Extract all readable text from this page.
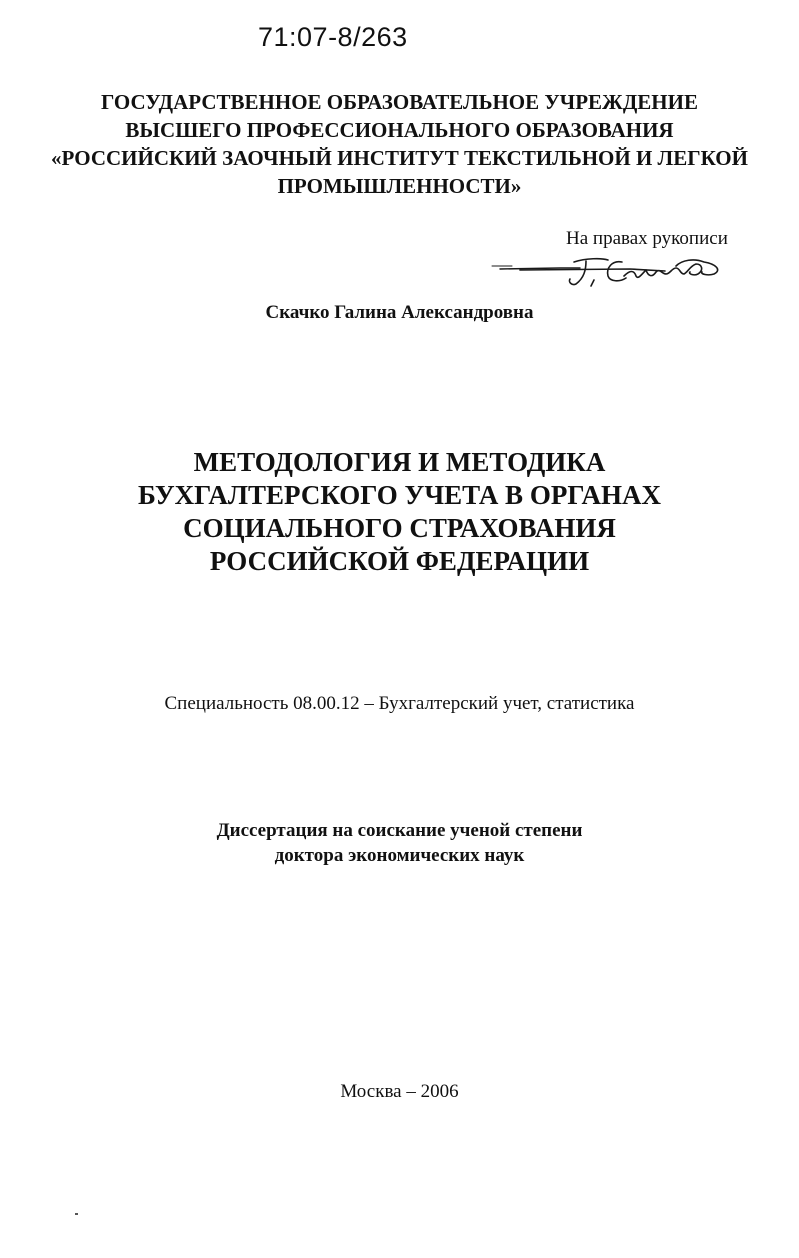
71:07-8/263
ГОСУДАРСТВЕННОЕ ОБРАЗОВАТЕЛЬНОЕ УЧРЕЖДЕНИЕ
ВЫСШЕГО ПРОФЕССИОНАЛЬНОГО ОБРАЗОВАНИЯ
«РОССИЙСКИЙ ЗАОЧНЫЙ ИНСТИТУТ ТЕКСТИЛЬНОЙ И ЛЕГКОЙ
ПРОМЫШЛЕННОСТИ»
На правах рукописи
Скачко Галина Александровна
МЕТОДОЛОГИЯ И МЕТОДИКА
БУХГАЛТЕРСКОГО УЧЕТА В ОРГАНАХ
СОЦИАЛЬНОГО СТРАХОВАНИЯ
РОССИЙСКОЙ ФЕДЕРАЦИИ
Специальность 08.00.12 – Бухгалтерский учет, статистика
Диссертация на соискание ученой степени
доктора экономических наук
Москва – 2006
